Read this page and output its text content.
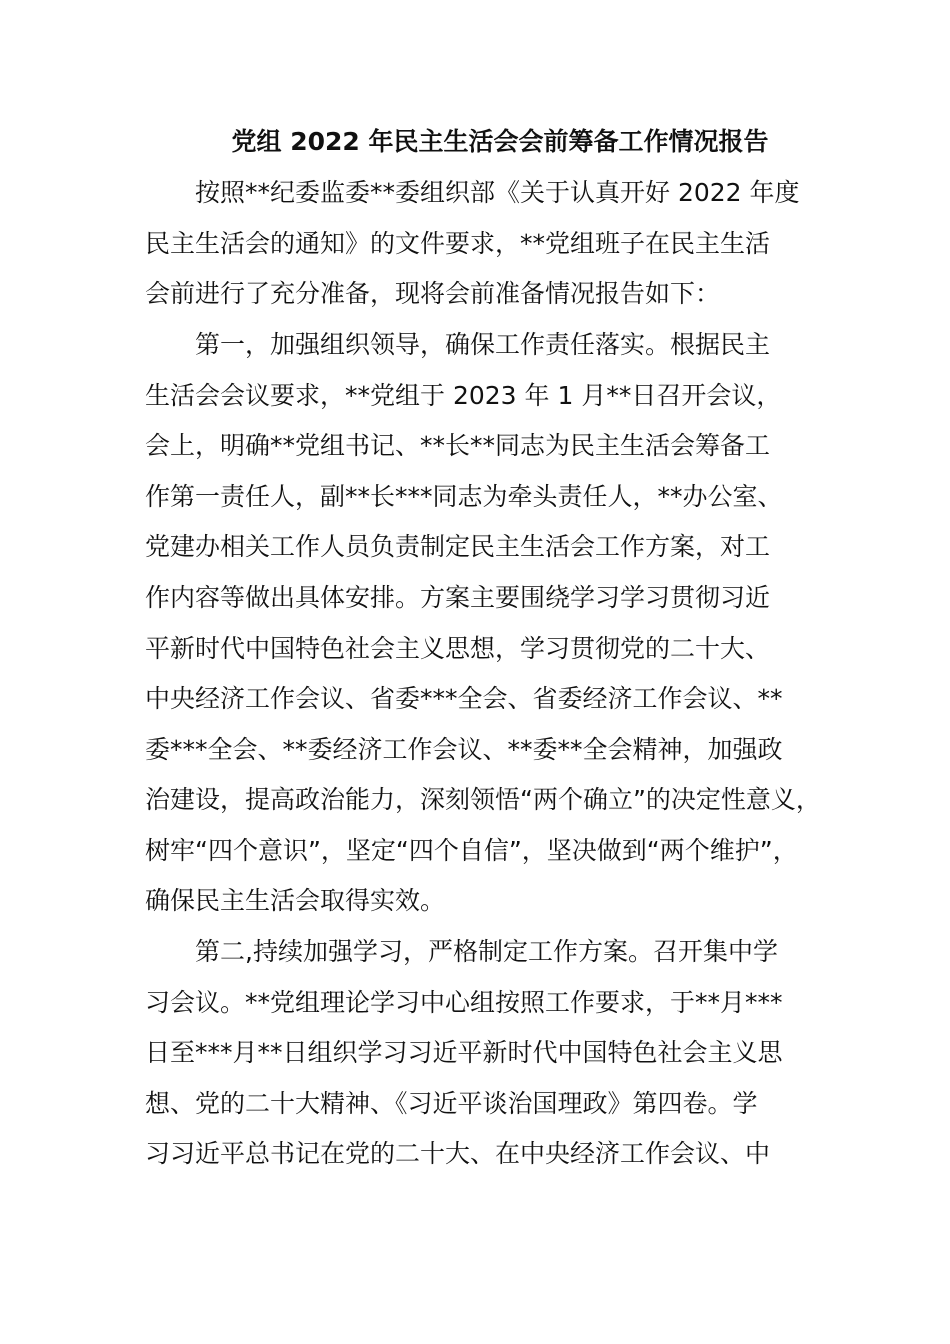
党组 2022 年民主生活会会前筹备工作情况报告

按照**纪委监委**委组织部《关于认真开好 2022 年度

民主生活会的通知》的文件要求，**党组班子在民主生活

会前进行了充分准备，现将会前准备情况报告如下：

第一，加强组织领导，确保工作责任落实。根据民主

生活会会议要求，**党组于 2023 年 1 月**日召开会议，

会上，明确**党组书记、**长**同志为民主生活会筹备工

作第一责任人，副**长***同志为牵头责任人，**办公室、

党建办相关工作人员负责制定民主生活会工作方案，对工

作内容等做出具体安排。方案主要围绕学习学习贯彻习近

平新时代中国特色社会主义思想，学习贯彻党的二十大、

中央经济工作会议、省委***全会、省委经济工作会议、**

委***全会、**委经济工作会议、**委**全会精神，加强政

治建设，提高政治能力，深刻领悟“两个确立”的决定性意义，

树牢“四个意识”，坚定“四个自信”，坚决做到“两个维护”，

确保民主生活会取得实效。

第二,持续加强学习，严格制定工作方案。召开集中学

习会议。**党组理论学习中心组按照工作要求，于**月***

日至***月**日组织学习习近平新时代中国特色社会主义思

想、党的二十大精神、《习近平谈治国理政》第四卷。学

习习近平总书记在党的二十大、在中央经济工作会议、中
